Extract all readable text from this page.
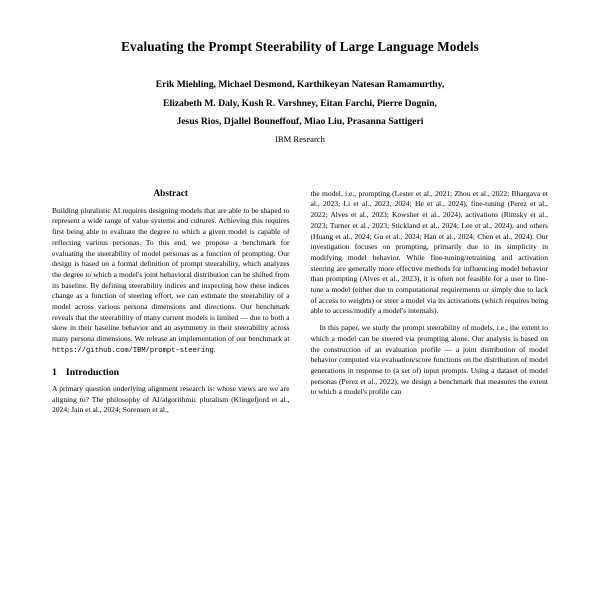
Evaluating the Prompt Steerability of Large Language Models
Erik Miehling, Michael Desmond, Karthikeyan Natesan Ramamurthy,
Elizabeth M. Daly, Kush R. Varshney, Eitan Farchi, Pierre Dognin,
Jesus Rios, Djallel Bouneffouf, Miao Liu, Prasanna Sattigeri
IBM Research
Abstract

Building pluralistic AI requires designing models that are able to be shaped to represent a wide range of value systems and cultures. Achieving this requires first being able to evaluate the degree to which a given model is capable of reflecting various personas. To this end, we propose a benchmark for evaluating the steerability of model personas as a function of prompting. Our design is based on a formal definition of prompt steerability, which analyzes the degree to which a model's joint behavioral distribution can be shifted from its baseline. By defining steerability indices and inspecting how these indices change as a function of steering effort, we can estimate the steerability of a model across various persona dimensions and directions. Our benchmark reveals that the steerability of many current models is limited — due to both a skew in their baseline behavior and an asymmetry in their steerability across many persona dimensions. We release an implementation of our benchmark at https://github.com/IBM/prompt-steering.

1 Introduction

A primary question underlying alignment research is: whose views are we are aligning to? The philosophy of AI/algorithmic pluralism (Klingefjord et al., 2024; Jain et al., 2024; Sorensen et al.,

the model, i.e., prompting (Lester et al., 2021; Zhou et al., 2022; Bhargava et al., 2023; Li et al., 2023, 2024; He et al., 2024), fine-tuning (Perez et al., 2022; Alves et al., 2023; Kowsher et al., 2024), activations (Rimsky et al., 2023; Turner et al., 2023; Stickland et al., 2024; Lee et al., 2024), and others (Huang et al., 2024; Gu et al., 2024; Han et al., 2024; Chen et al., 2024). Our investigation focuses on prompting, primarily due to its simplicity in modifying model behavior. While fine-tuning/retraining and activation steering are generally more effective methods for influencing model behavior than prompting (Alves et al., 2023), it is often not feasible for a user to fine-tune a model (either due to computational requirements or simply due to lack of access to weights) or steer a model via its activations (which requires being able to access/modify a model's internals).

In this paper, we study the prompt steerability of models, i.e., the extent to which a model can be steered via prompting alone. Our analysis is based on the construction of an evaluation profile — a joint distribution of model behavior computed via evaluation/score functions on the distribution of model generations in response to (a set of) input prompts. Using a dataset of model personas (Perez et al., 2022), we design a benchmark that measures the extent to which a model's profile can
